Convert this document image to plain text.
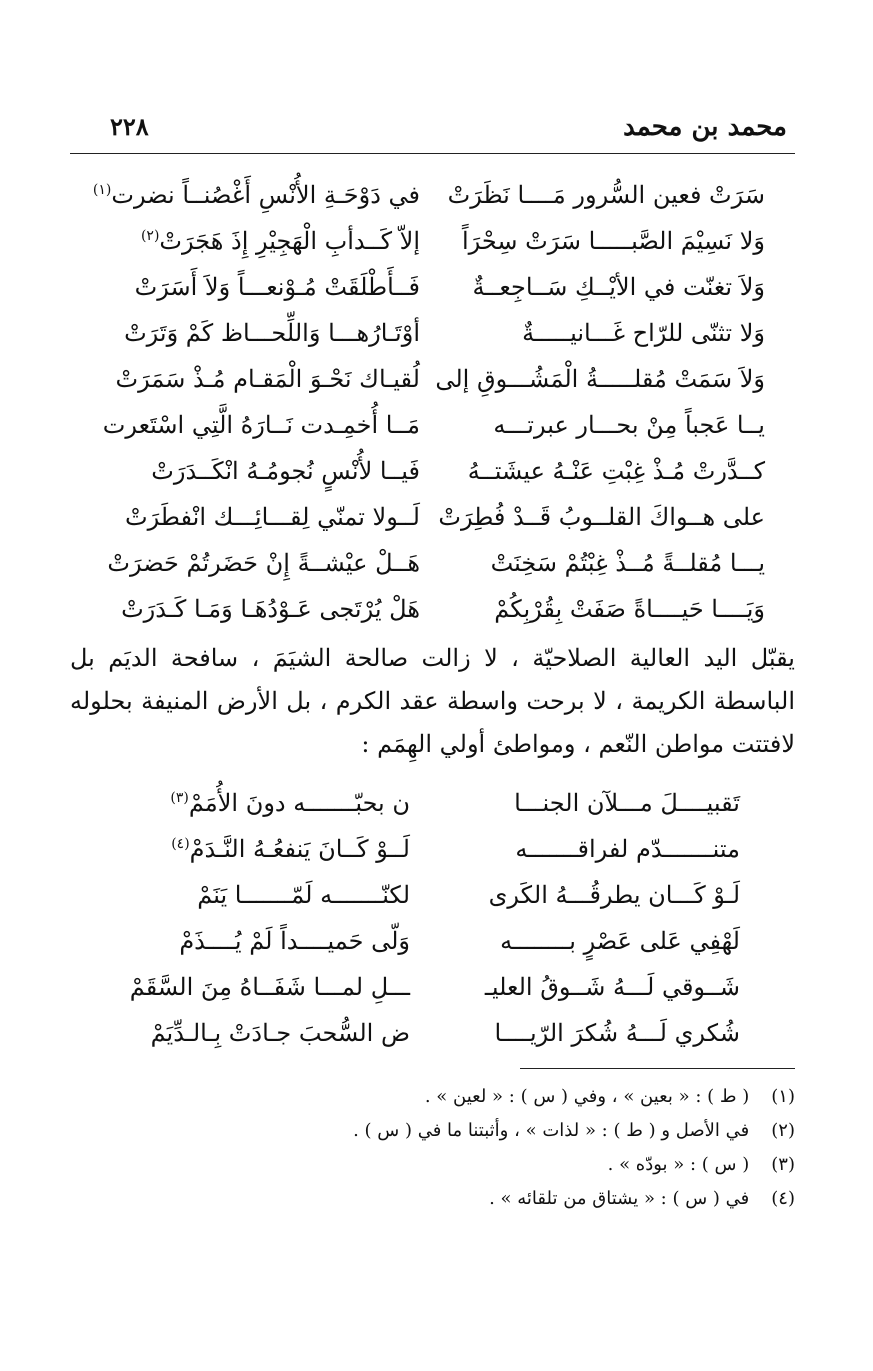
محمد بن محمد
٢٢٨
سَرَتْ فعين السُّرور مَــــا نَظَرَتْ
في دَوْحَـةِ الأُنْسِ أَغْصُنــاً نضرت$^{(١)}$
وَلا نَسِيْمَ الصَّبـــــا سَرَتْ سِحْرَاً
إلاّ كَــدأبِ الْهَجِيْرِ إِذَ هَجَرَتْ$^{(٢)}$
وَلاَ تغنّت في الأيْــكِ سَــاجِعــةٌ
فَــأَطْلَقَتْ مُـوْنعـــاً وَلاَ أَسَرَتْ
وَلا تثنّى للرّاح غَـــانيـــــةٌ
أوْتَـارُهـــا وَاللِّحـــاظ كَمْ وَتَرَتْ
وَلاَ سَمَتْ مُقلـــــةُ الْمَشُـــوقِ إلى
لُقيـاك نَحْـوَ الْمَقـام مُـذْ سَمَرَتْ
يــا عَجباً مِنْ بحـــار عبرتـــه
مَــا أُخمِـدت نَــارَهُ الَّتِي اسْتَعرت
كــدَّرتْ مُـذْ غِبْتِ عَنْـهُ عيشَتــهُ
فَيــا لأُنْسٍ نُجومُـهُ انْكَــدَرَتْ
على هــواكَ القلــوبُ قَــدْ فُطِرَتْ
لَــولا تمنّي لِقـــائِـــك انْفطَرَتْ
يـــا مُقلــةً مُــذْ غِبْتُمْ سَخِنَتْ
هَــلْ عيْشــةً إِنْ حَضَرتُمْ حَضرَتْ
وَيَــــا حَيــــاةً صَفَتْ بِقُرْبِكُمْ
هَلْ يُرْتَجى عَـوْدُهَـا وَمَـا كَـدَرَتْ
يقبّل اليد العالية الصلاحيّة ، لا زالت صالحة الشيَمَ ، سافحة الديَم بل الباسطة الكريمة ، لا برحت واسطة عقد الكرم ، بل الأرض المنيفة بحلوله لافتتت مواطن النّعم ، ومواطئ أولي الهِمَم :
تَقبيــــلَ مـــلآن الجنـــا
ن بحبّـــــــه دونَ الأُمَمْ$^{(٣)}$
متنـــــــدّم لفراقـــــــه
لَــوْ كَــانَ يَنفعُـهُ النَّـدَمْ$^{(٤)}$
لَـوْ كَـــان يطرقُـــهُ الكَرى
لكنّـــــــه لَمّـــــــا يَنَمْ
لَهْفِي عَلى عَصْرٍ بــــــــه
وَلّى حَميــــداً لَمْ يُــــذَمْ
شَــوقي لَـــهُ شَــوقُ العليـ
ـــلِ لمـــا شَفَــاهُ مِنَ السَّقَمْ
شُكري لَـــهُ شُكرَ الرّيــــا
ض السُّحبَ جـادَتْ بِـالـدِّيَمْ
(١) ( ط ) : « بعين » ، وفي ( س ) : « لعين » .
(٢) في الأصل و ( ط ) : « لذات » ، وأثبتنا ما في ( س ) .
(٣) ( س ) : « بودّه » .
(٤) في ( س ) : « يشتاق من تلقائه » .
